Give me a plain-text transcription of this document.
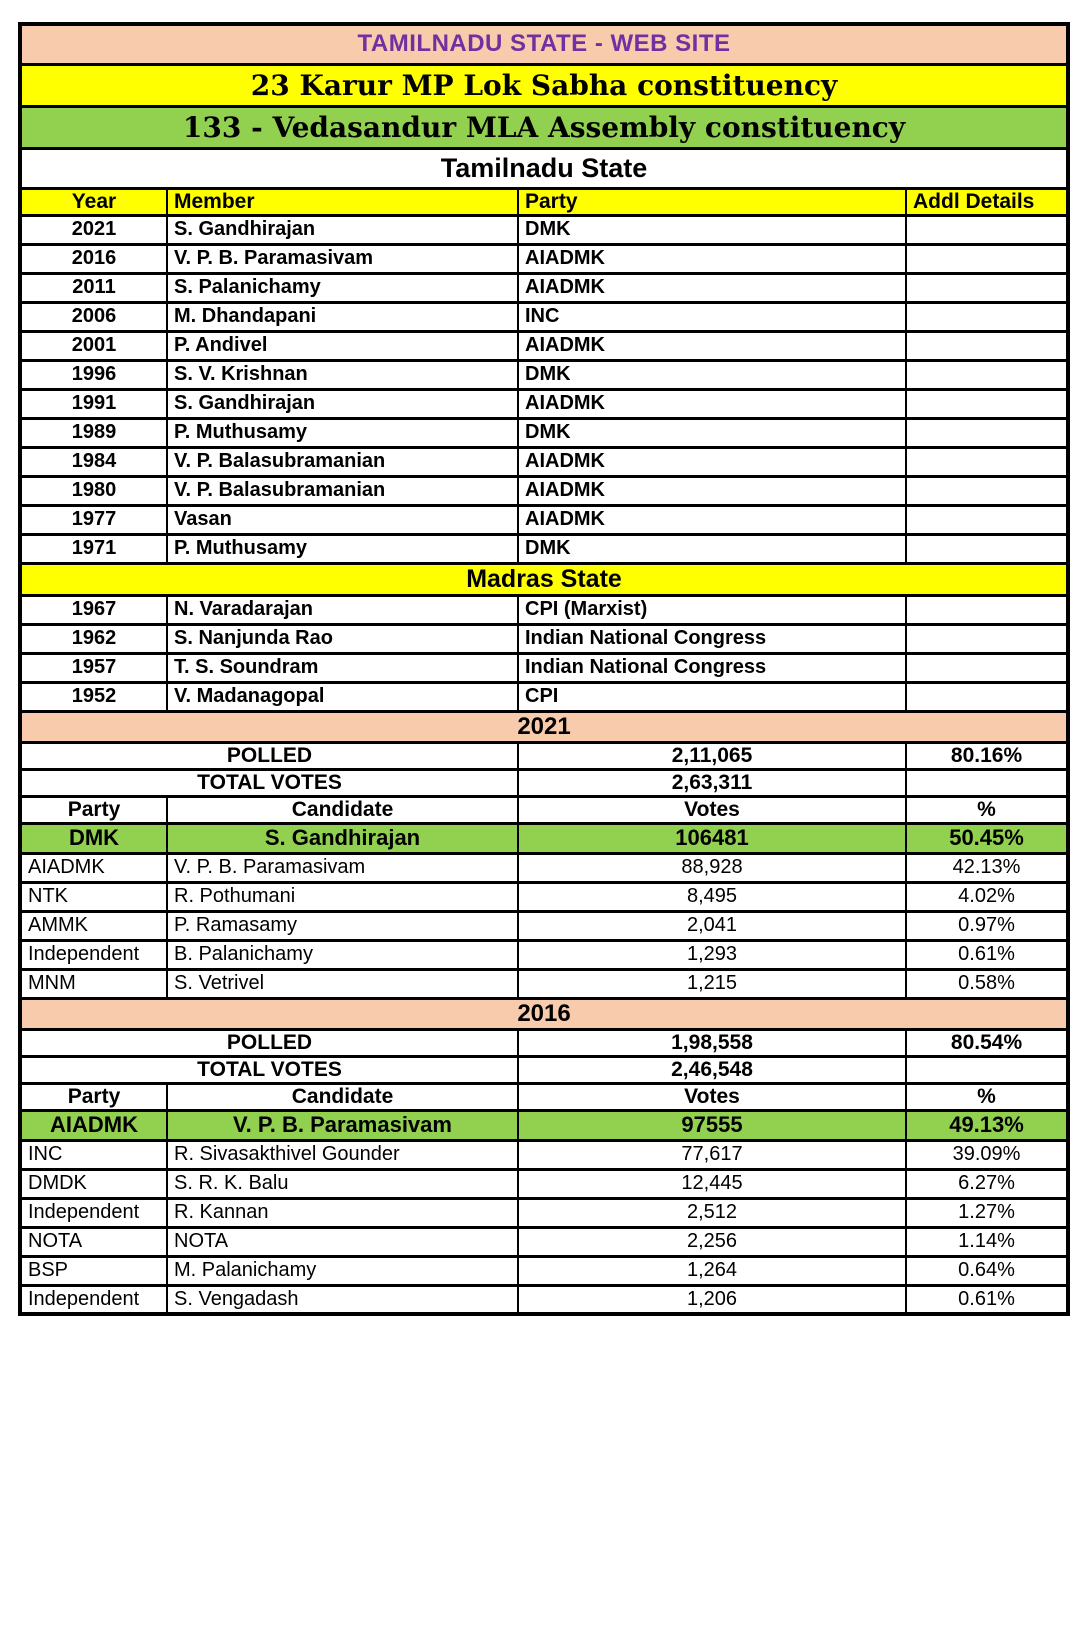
TAMILNADU STATE - WEB SITE			
23 Karur MP Lok Sabha constituency			
133 - Vedasandur MLA Assembly constituency			
Tamilnadu State			
Year	Member	Party	Addl Details
2021	S. Gandhirajan	DMK	
2016	V. P. B. Paramasivam	AIADMK	
2011	S. Palanichamy	AIADMK	
2006	M. Dhandapani	INC	
2001	P. Andivel	AIADMK	
1996	S. V. Krishnan	DMK	
1991	S. Gandhirajan	AIADMK	
1989	P. Muthusamy	DMK	
1984	V. P. Balasubramanian	AIADMK	
1980	V. P. Balasubramanian	AIADMK	
1977	Vasan	AIADMK	
1971	P. Muthusamy	DMK	
Madras State			
1967	N. Varadarajan	CPI (Marxist)	
1962	S. Nanjunda Rao	Indian National Congress	
1957	T. S. Soundram	Indian National Congress	
1952	V. Madanagopal	CPI	
2021			
POLLED		2,11,065	80.16%
TOTAL VOTES		2,63,311	
Party	Candidate	Votes	%
DMK	S. Gandhirajan	106481	50.45%
AIADMK	V. P. B. Paramasivam	88,928	42.13%
NTK	R. Pothumani	8,495	4.02%
AMMK	P. Ramasamy	2,041	0.97%
Independent	B. Palanichamy	1,293	0.61%
MNM	S. Vetrivel	1,215	0.58%
2016			
POLLED		1,98,558	80.54%
TOTAL VOTES		2,46,548	
Party	Candidate	Votes	%
AIADMK	V. P. B. Paramasivam	97555	49.13%
INC	R. Sivasakthivel Gounder	77,617	39.09%
DMDK	S. R. K. Balu	12,445	6.27%
Independent	R. Kannan	2,512	1.27%
NOTA	NOTA	2,256	1.14%
BSP	M. Palanichamy	1,264	0.64%
Independent	S. Vengadash	1,206	0.61%
